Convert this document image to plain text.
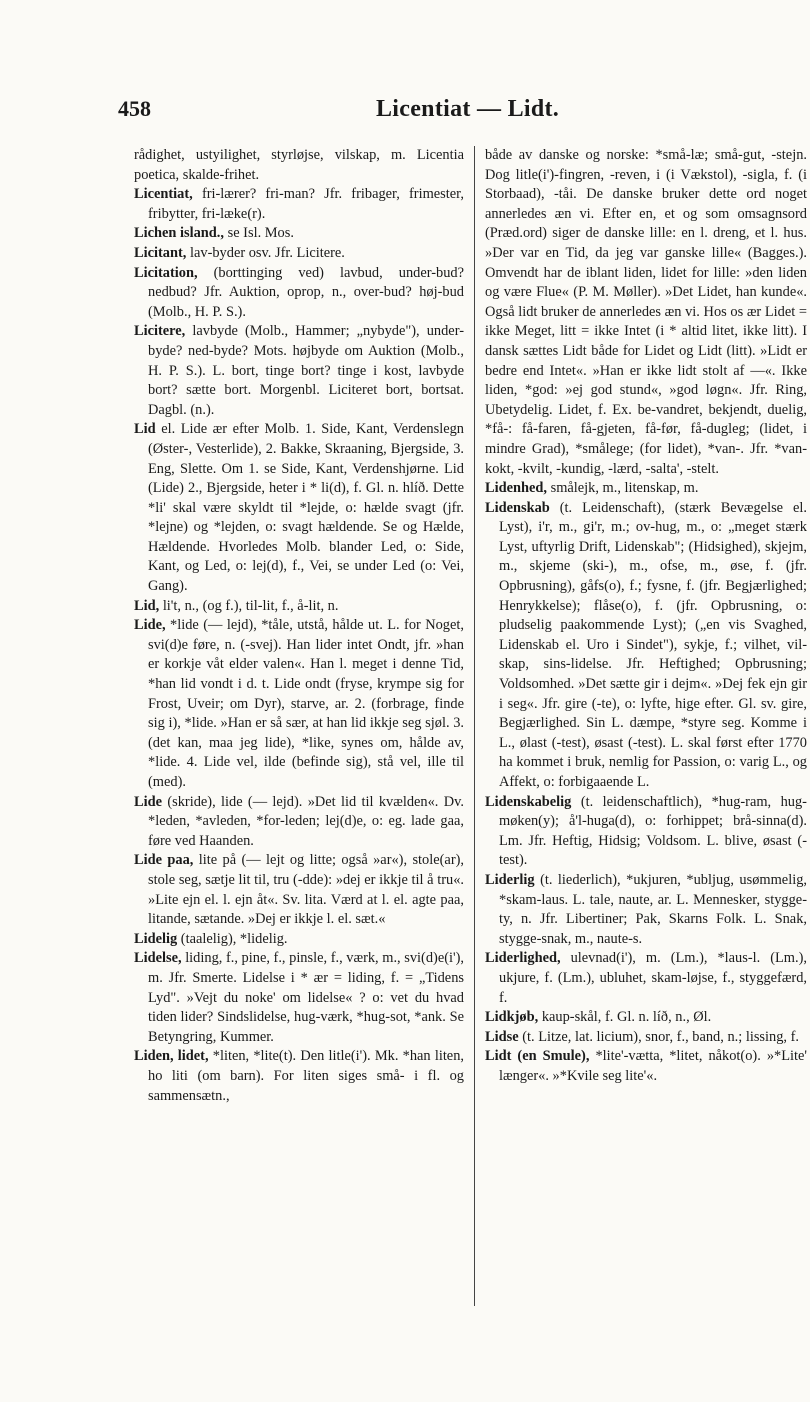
458	Licentiat — Lidt.

rådighet, ustyilighet, styrløjse, vilskap, m. Licentia poetica, skalde-frihet.

Licentiat, fri-lærer? fri-man? Jfr. fribager, frimester, fribytter, fri-læke(r).

Lichen island., se Isl. Mos.

Licitant, lav-byder osv. Jfr. Licitere.

Licitation, (borttinging ved) lavbud, under-bud? nedbud? Jfr. Auktion, oprop, n., over-bud? høj-bud (Molb., H. P. S.).

Licitere, lavbyde (Molb., Hammer; „nybyde"), under-byde? ned-byde? Mots. højbyde om Auktion (Molb., H. P. S.). L. bort, tinge bort? tinge i kost, lavbyde bort? sætte bort. Morgenbl. Liciteret bort, bortsat. Dagbl. (n.).

Lid el. Lide ær efter Molb. 1. Side, Kant, Verdenslegn (Øster-, Vesterlide), 2. Bakke, Skraaning, Bjergside, 3. Eng, Slette. Om 1. se Side, Kant, Verdenshjørne. Lid (Lide) 2., Bjergside, heter i * li(d), f. Gl. n. hlíð. Dette *li' skal være skyldt til *lejde, o: hælde svagt (jfr. *lejne) og *lejden, o: svagt hældende. Se og Hælde, Hældende. Hvorledes Molb. blander Led, o: Side, Kant, og Led, o: lej(d), f., Vei, se under Led (o: Vei, Gang).

Lid, li't, n., (og f.), til-lit, f., å-lit, n.

Lide, *lide (— lejd), *tåle, utstå, hålde ut. L. for Noget, svi(d)e føre, n. (-svej). Han lider intet Ondt, jfr. »han er korkje våt elder valen«. Han l. meget i denne Tid, *han lid vondt i d. t. Lide ondt (fryse, krympe sig for Frost, Uveir; om Dyr), starve, ar. 2. (forbrage, finde sig i), *lide. »Han er så sær, at han lid ikkje seg sjøl. 3. (det kan, maa jeg lide), *like, synes om, hålde av, *lide. 4. Lide vel, ilde (befinde sig), stå vel, ille til (med).

Lide (skride), lide (— lejd). »Det lid til kvælden«. Dv. *leden, *avleden, *for-leden; lej(d)e, o: eg. lade gaa, føre ved Haanden.

Lide paa, lite på (— lejt og litte; også »ar«), stole(ar), stole seg, sætje lit til, tru (-dde): »dej er ikkje til å tru«. »Lite ejn el. l. ejn åt«. Sv. lita. Værd at l. el. agte paa, litande, sætande. »Dej er ikkje l. el. sæt.«

Lidelig (taalelig), *lidelig.

Lidelse, liding, f., pine, f., pinsle, f., værk, m., svi(d)e(i'), m. Jfr. Smerte. Lidelse i * ær = liding, f. = „Tidens Lyd". »Vejt du noke' om lidelse« ? o: vet du hvad tiden lider? Sindslidelse, hug-værk, *hug-sot, *ank. Se Betyngring, Kummer.

Liden, lidet, *liten, *lite(t). Den litle(i'). Mk. *han liten, ho liti (om barn). For liten siges små- i fl. og sammensætn.,

både av danske og norske: *små-læ; små-gut, -stejn. Dog litle(i')-fingren, -reven, i (i Vækstol), -sigla, f. (i Storbaad), -tåi. De danske bruker dette ord noget annerledes æn vi. Efter en, et og som omsagnsord (Præd.ord) siger de danske lille: en l. dreng, et l. hus. »Der var en Tid, da jeg var ganske lille« (Bagges.). Omvendt har de iblant liden, lidet for lille: »den liden og være Flue« (P. M. Møller). »Det Lidet, han kunde«. Også lidt bruker de annerledes æn vi. Hos os ær Lidet = ikke Meget, litt = ikke Intet (i * altid litet, ikke litt). I dansk sættes Lidt både for Lidet og Lidt (litt). »Lidt er bedre end Intet«. »Han er ikke lidt stolt af —«. Ikke liden, *god: »ej god stund«, »god løgn«. Jfr. Ring, Ubetydelig. Lidet, f. Ex. be-vandret, bekjendt, duelig, *få-: få-faren, få-gjeten, få-før, få-dugleg; (lidet, i mindre Grad), *smålege; (for lidet), *van-. Jfr. *van-kokt, -kvilt, -kundig, -lærd, -salta', -stelt.

Lidenhed, smålejk, m., litenskap, m.

Lidenskab (t. Leidenschaft), (stærk Bevægelse el. Lyst), i'r, m., gi'r, m.; ov-hug, m., o: „meget stærk Lyst, uftyrlig Drift, Lidenskab"; (Hidsighed), skjejm, m., skjeme (ski-), m., ofse, m., øse, f. (jfr. Opbrusning), gåfs(o), f.; fysne, f. (jfr. Begjærlighed; Henrykkelse); flåse(o), f. (jfr. Opbrusning, o: pludselig paakommende Lyst); („en vis Svaghed, Lidenskab el. Uro i Sindet"), sykje, f.; vilhet, vil-skap, sins-lidelse. Jfr. Heftighed; Opbrusning; Voldsomhed. »Det sætte gir i dejm«. »Dej fek ejn gir i seg«. Jfr. gire (-te), o: lyfte, hige efter. Gl. sv. gire, Begjærlighed. Sin L. dæmpe, *styre seg. Komme i L., ølast (-test), øsast (-test). L. skal først efter 1770 ha kommet i bruk, nemlig for Passion, o: varig L., og Affekt, o: forbigaaende L.

Lidenskabelig (t. leidenschaftlich), *hug-ram, hug-møken(y); å'l-huga(d), o: forhippet; brå-sinna(d). Lm. Jfr. Heftig, Hidsig; Voldsom. L. blive, øsast (-test).

Liderlig (t. liederlich), *ukjuren, *ubljug, usømmelig, *skam-laus. L. tale, naute, ar. L. Mennesker, stygge-ty, n. Jfr. Libertiner; Pak, Skarns Folk. L. Snak, stygge-snak, m., naute-s.

Liderlighed, ulevnad(i'), m. (Lm.), *laus-l. (Lm.), ukjure, f. (Lm.), ubluhet, skam-løjse, f., styggefærd, f.

Lidkjøb, kaup-skål, f. Gl. n. líð, n., Øl.

Lidse (t. Litze, lat. licium), snor, f., band, n.; lissing, f.

Lidt (en Smule), *lite'-vætta, *litet, nåkot(o). »*Lite' længer«. »*Kvile seg lite'«.
